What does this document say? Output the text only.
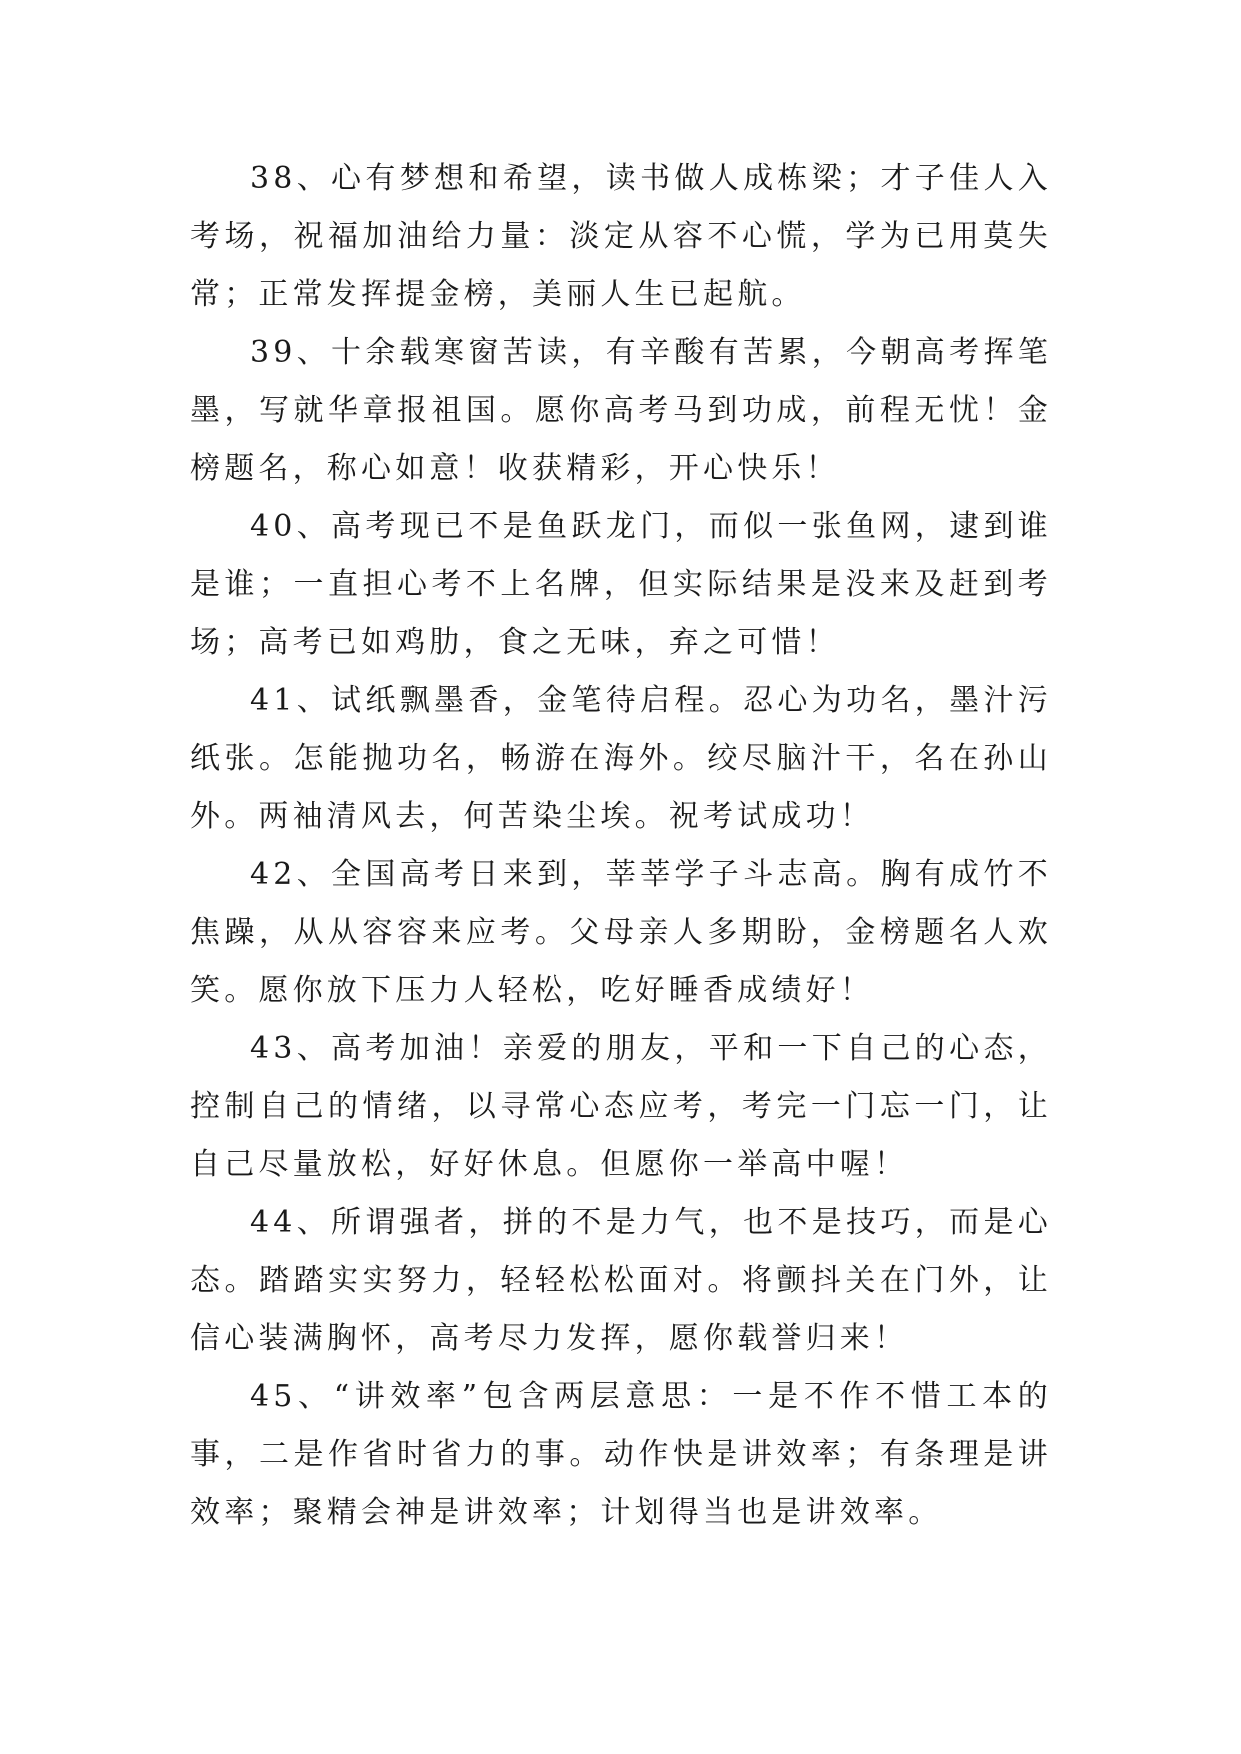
38、心有梦想和希望，读书做人成栋梁；才子佳人入考场，祝福加油给力量：淡定从容不心慌，学为已用莫失常；正常发挥提金榜，美丽人生已起航。

39、十余载寒窗苦读，有辛酸有苦累，今朝高考挥笔墨，写就华章报祖国。愿你高考马到功成，前程无忧！金榜题名，称心如意！收获精彩，开心快乐！

40、高考现已不是鱼跃龙门，而似一张鱼网，逮到谁是谁；一直担心考不上名牌，但实际结果是没来及赶到考场；高考已如鸡肋，食之无味，弃之可惜！

41、试纸飘墨香，金笔待启程。忍心为功名，墨汁污纸张。怎能抛功名，畅游在海外。绞尽脑汁干，名在孙山外。两袖清风去，何苦染尘埃。祝考试成功！

42、全国高考日来到，莘莘学子斗志高。胸有成竹不焦躁，从从容容来应考。父母亲人多期盼，金榜题名人欢笑。愿你放下压力人轻松，吃好睡香成绩好！

43、高考加油！亲爱的朋友，平和一下自己的心态，控制自己的情绪，以寻常心态应考，考完一门忘一门，让自己尽量放松，好好休息。但愿你一举高中喔！

44、所谓强者，拼的不是力气，也不是技巧，而是心态。踏踏实实努力，轻轻松松面对。将颤抖关在门外，让信心装满胸怀，高考尽力发挥，愿你载誉归来！

45、“讲效率”包含两层意思：一是不作不惜工本的事，二是作省时省力的事。动作快是讲效率；有条理是讲效率；聚精会神是讲效率；计划得当也是讲效率。
